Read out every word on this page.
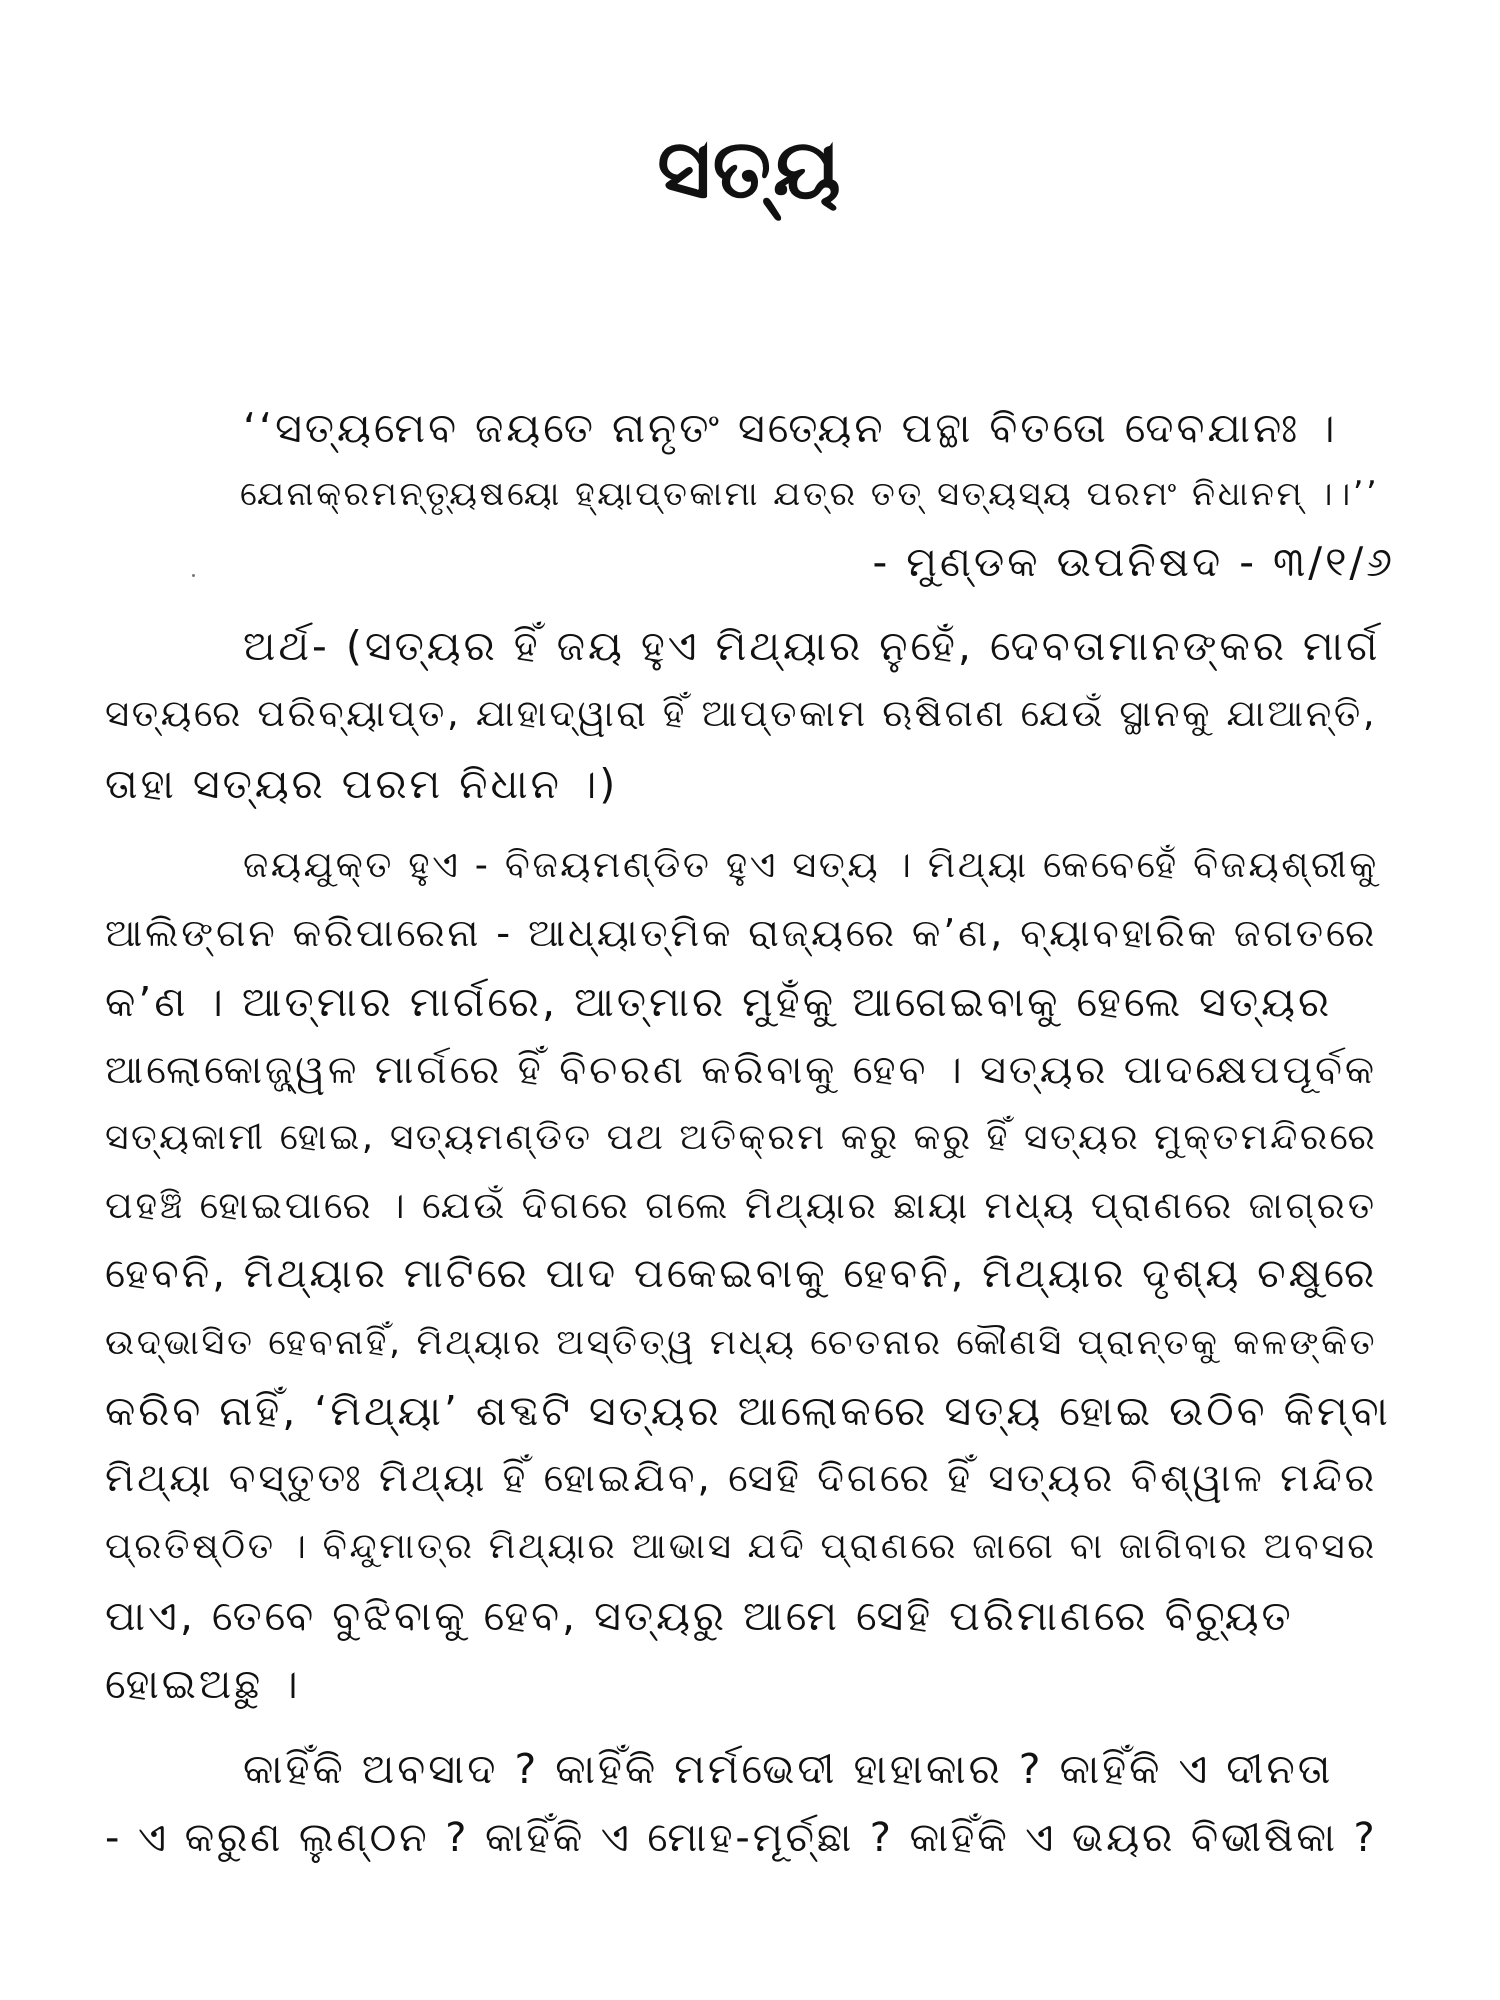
ସତ୍ୟ
‘‘ସତ୍ୟମେବ ଜୟତେ ନାନୃତଂ ସତ୍ୟେନ ପନ୍ଥା ବିତତୋ ଦେବଯାନଃ ।
ଯେନାକ୍ରମନ୍ତ୍ୟୃଷୟୋ ହ୍ୟାପ୍ତକାମା ଯତ୍ର ତତ୍ ସତ୍ୟସ୍ୟ ପରମଂ ନିଧାନମ୍ ।।’’
- ମୁଣ୍ଡକ ଉପନିଷଦ - ୩/୧/୬
ଅର୍ଥ- (ସତ୍ୟର ହିଁ ଜୟ ହୁଏ ମିଥ୍ୟାର ନୁହେଁ, ଦେବତାମାନଙ୍କର ମାର୍ଗ
ସତ୍ୟରେ ପରିବ୍ୟାପ୍ତ, ଯାହାଦ୍ୱାରା ହିଁ ଆପ୍ତକାମ ଋଷିଗଣ ଯେଉଁ ସ୍ଥାନକୁ ଯାଆନ୍ତି,
ତାହା ସତ୍ୟର ପରମ ନିଧାନ ।)
ଜୟଯୁକ୍ତ ହୁଏ - ବିଜୟମଣ୍ଡିତ ହୁଏ ସତ୍ୟ । ମିଥ୍ୟା କେବେହେଁ ବିଜୟଶ୍ରୀକୁ
ଆଲିଙ୍ଗନ କରିପାରେନା - ଆଧ୍ୟାତ୍ମିକ ରାଜ୍ୟରେ କ’ଣ, ବ୍ୟାବହାରିକ ଜଗତରେ
କ’ଣ । ଆତ୍ମାର ମାର୍ଗରେ, ଆତ୍ମାର ମୁହଁକୁ ଆଗେଇବାକୁ ହେଲେ ସତ୍ୟର
ଆଲୋକୋଜ୍ଜ୍ୱଳ ମାର୍ଗରେ ହିଁ ବିଚରଣ କରିବାକୁ ହେବ । ସତ୍ୟର ପାଦକ୍ଷେପପୂର୍ବକ
ସତ୍ୟକାମୀ ହୋଇ, ସତ୍ୟମଣ୍ଡିତ ପଥ ଅତିକ୍ରମ କରୁ କରୁ ହିଁ ସତ୍ୟର ମୁକ୍ତମନ୍ଦିରରେ
ପହଞ୍ଚି ହୋଇପାରେ । ଯେଉଁ ଦିଗରେ ଗଲେ ମିଥ୍ୟାର ଛାୟା ମଧ୍ୟ ପ୍ରାଣରେ ଜାଗ୍ରତ
ହେବନି, ମିଥ୍ୟାର ମାଟିରେ ପାଦ ପକେଇବାକୁ ହେବନି, ମିଥ୍ୟାର ଦୃଶ୍ୟ ଚକ୍ଷୁରେ
ଉଦ୍‌ଭାସିତ ହେବନାହିଁ, ମିଥ୍ୟାର ଅସ୍ତିତ୍ୱ ମଧ୍ୟ ଚେତନାର କୌଣସି ପ୍ରାନ୍ତକୁ କଳଙ୍କିତ
କରିବ ନାହିଁ, ‘ମିଥ୍ୟା’ ଶବ୍ଦଟି ସତ୍ୟର ଆଲୋକରେ ସତ୍ୟ ହୋଇ ଉଠିବ କିମ୍ବା
ମିଥ୍ୟା ବସ୍ତୁତଃ ମିଥ୍ୟା ହିଁ ହୋଇଯିବ, ସେହି ଦିଗରେ ହିଁ ସତ୍ୟର ବିଶ୍ୱାଳ ମନ୍ଦିର
ପ୍ରତିଷ୍ଠିତ । ବିନ୍ଦୁମାତ୍ର ମିଥ୍ୟାର ଆଭାସ ଯଦି ପ୍ରାଣରେ ଜାଗେ ବା ଜାଗିବାର ଅବସର
ପାଏ, ତେବେ ବୁଝିବାକୁ ହେବ, ସତ୍ୟରୁ ଆମେ ସେହି ପରିମାଣରେ ବିଚ୍ୟୁତ
ହୋଇଅଛୁ ।
କାହିଁକି ଅବସାଦ ? କାହିଁକି ମର୍ମଭେଦୀ ହାହାକାର ? କାହିଁକି ଏ ଦୀନତା
- ଏ କରୁଣ ଲୁଣ୍ଠନ ? କାହିଁକି ଏ ମୋହ-ମୂର୍ଚ୍ଛା ? କାହିଁକି ଏ ଭୟର ବିଭୀଷିକା ?
